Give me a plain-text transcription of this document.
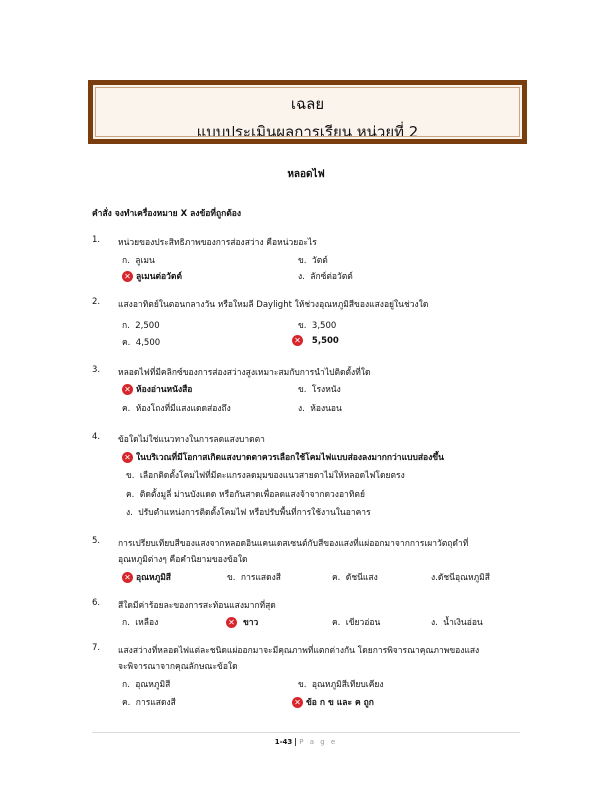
เฉลย
แบบประเมินผลการเรียน หน่วยที่ 2
หลอดไฟ
คำสั่ง จงทำเครื่องหมาย X ลงข้อที่ถูกต้อง
1.	หน่วยของประสิทธิภาพของการส่องสว่าง คือหน่วยอะไร
ก. ลูเมน	ข. วัตต์
✕ ลูเมนต่อวัตต์	ง. ลักซ์ต่อวัตต์
2.	แสงอาทิตย์ในตอนกลางวัน หรือใหมลี Daylight ให้ช่วงอุณหภูมิสีของแสงอยู่ในช่วงใด
ก. 2,500	ข. 3,500
ค. 4,500	✕ 5,500
3.	หลอดไฟที่มีคลิกซ์ของการส่องสว่างสูงเหมาะสมกับการนำไปติดตั้งที่ใด
✕ ห้องอ่านหนังสือ	ข. โรงหนัง
ค. ห้องโถงที่มีแสงแดดส่องถึง	ง. ห้องนอน
4.	ข้อใดไม่ใช่แนวทางในการลดแสงบาดตา
✕ ในบริเวณที่มีโอกาสเกิดแสงบาดตาควรเลือกใช้โคมไฟแบบส่องลงมากกว่าแบบส่องขึ้น
ข. เลือกติดตั้งโคมไฟที่มีตะแกรงลดมุมของแนวสายตาไม่ให้หลอดไฟโดยตรง
ค. ติดตั้งมูลี่ ม่านบังแดด หรือกันสาดเพื่อลดแสงจ้าจากดวงอาทิตย์
ง. ปรับตำแหน่งการติดตั้งโคมไฟ หรือปรับพื้นที่การใช้งานในอาคาร
5.	การเปรียบเทียบสีของแสงจากหลอดอินแคนเดสเซนต์กับสีของแสงที่แผ่ออกมาจากการเผาวัตถุดำที่
อุณหภูมิต่างๆ คือคำนิยามของข้อใด
✕ อุณหภูมิสี	ข. การแสดงสี	ค. ดัชนีแสง	ง.ดัชนีอุณหภูมิสี
6.	สีใดมีค่าร้อยละของการสะท้อนแสงมากที่สุด
ก. เหลือง	✕ ขาว	ค. เขียวอ่อน	ง. น้ำเงินอ่อน
7.	แสงสว่างที่หลอดไฟแต่ละชนิดแผ่ออกมาจะมีคุณภาพที่แตกต่างกัน โดยการพิจารณาคุณภาพของแสง
จะพิจารณาจากคุณลักษณะข้อใด
ก. อุณหภูมิสี	ข. อุณหภูมิสีเทียบเคียง
ค. การแสดงสี	✕ ข้อ ก ข และ ค ถูก
1-43 P a g e
